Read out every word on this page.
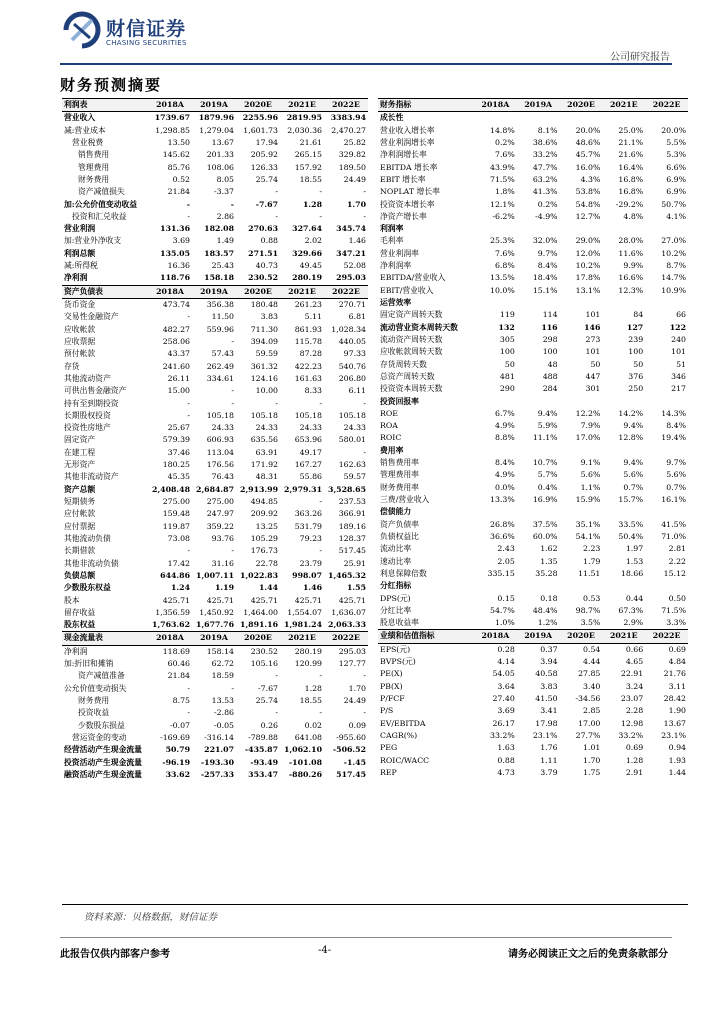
财信证券
CHASING SECURITIES
公司研究报告
财务预测摘要
利润表	2018A	2019A	2020E	2021E	2022E
营业收入	1739.67	1879.96	2255.96	2819.95	3383.94
减:营业成本	1,298.85	1,279.04	1,601.73	2,030.36	2,470.27
营业税费	13.50	13.67	17.94	21.61	25.82
销售费用	145.62	201.33	205.92	265.15	329.82
管理费用	85.76	108.06	126.33	157.92	189.50
财务费用	0.52	8.05	25.74	18.55	24.49
资产减值损失	21.84	-3.37	-	-	-
加:公允价值变动收益	-	-	-7.67	1.28	1.70
投资和汇兑收益	-	2.86	-	-	-
营业利润	131.36	182.08	270.63	327.64	345.74
加:营业外净收支	3.69	1.49	0.88	2.02	1.46
利润总额	135.05	183.57	271.51	329.66	347.21
减:所得税	16.36	25.43	40.73	49.45	52.08
净利润	118.76	158.18	230.52	280.19	295.03
资产负债表	2018A	2019A	2020E	2021E	2022E
货币资金	473.74	356.38	180.48	261.23	270.71
交易性金融资产	-	11.50	3.83	5.11	6.81
应收帐款	482.27	559.96	711.30	861.93	1,028.34
应收票据	258.06	-	394.09	115.78	440.05
预付帐款	43.37	57.43	59.59	87.28	97.33
存货	241.60	262.49	361.32	422.23	540.76
其他流动资产	26.11	334.61	124.16	161.63	206.80
可供出售金融资产	15.00	-	10.00	8.33	6.11
持有至到期投资	-	-	-	-	-
长期股权投资	-	105.18	105.18	105.18	105.18
投资性房地产	25.67	24.33	24.33	24.33	24.33
固定资产	579.39	606.93	635.56	653.96	580.01
在建工程	37.46	113.04	63.91	49.17	-
无形资产	180.25	176.56	171.92	167.27	162.63
其他非流动资产	45.35	76.43	48.31	55.86	59.57
资产总额	2,408.48	2,684.87	2,913.99	2,979.31	3,528.65
短期债务	275.00	275.00	494.85	-	237.53
应付帐款	159.48	247.97	209.92	363.26	366.91
应付票据	119.87	359.22	13.25	531.79	189.16
其他流动负债	73.08	93.76	105.29	79.23	128.37
长期借款	-	-	176.73	-	517.45
其他非流动负债	17.42	31.16	22.78	23.79	25.91
负债总额	644.86	1,007.11	1,022.83	998.07	1,465.32
少数股东权益	1.24	1.19	1.44	1.46	1.55
股本	425.71	425.71	425.71	425.71	425.71
留存收益	1,356.59	1,450.92	1,464.00	1,554.07	1,636.07
股东权益	1,763.62	1,677.76	1,891.16	1,981.24	2,063.33
现金流量表	2018A	2019A	2020E	2021E	2022E
净利润	118.69	158.14	230.52	280.19	295.03
加:折旧和摊销	60.46	62.72	105.16	120.99	127.77
资产减值准备	21.84	18.59	-	-	-
公允价值变动损失	-	-	-7.67	1.28	1.70
财务费用	8.75	13.53	25.74	18.55	24.49
投资收益	-	-2.86	-	-	-
少数股东损益	-0.07	-0.05	0.26	0.02	0.09
营运资金的变动	-169.69	-316.14	-789.88	641.08	-955.60
经营活动产生现金流量	50.79	221.07	-435.87	1,062.10	-506.52
投资活动产生现金流量	-96.19	-193.30	-93.49	-101.08	-1.45
融资活动产生现金流量	33.62	-257.33	353.47	-880.26	517.45
财务指标	2018A	2019A	2020E	2021E	2022E
成长性					
营业收入增长率	14.8%	8.1%	20.0%	25.0%	20.0%
营业利润增长率	0.2%	38.6%	48.6%	21.1%	5.5%
净利润增长率	7.6%	33.2%	45.7%	21.6%	5.3%
EBITDA 增长率	43.9%	47.7%	16.0%	16.4%	6.6%
EBIT 增长率	71.5%	63.2%	4.3%	16.8%	6.9%
NOPLAT 增长率	1.8%	41.3%	53.8%	16.8%	6.9%
投资资本增长率	12.1%	0.2%	54.8%	-29.2%	50.7%
净资产增长率	-6.2%	-4.9%	12.7%	4.8%	4.1%
利润率					
毛利率	25.3%	32.0%	29.0%	28.0%	27.0%
营业利润率	7.6%	9.7%	12.0%	11.6%	10.2%
净利润率	6.8%	8.4%	10.2%	9.9%	8.7%
EBITDA/营业收入	13.5%	18.4%	17.8%	16.6%	14.7%
EBIT/营业收入	10.0%	15.1%	13.1%	12.3%	10.9%
运营效率					
固定资产周转天数	119	114	101	84	66
流动营业资本周转天数	132	116	146	127	122
流动资产周转天数	305	298	273	239	240
应收帐款周转天数	100	100	101	100	101
存货周转天数	50	48	50	50	51
总资产周转天数	481	488	447	376	346
投资资本周转天数	290	284	301	250	217
投资回报率					
ROE	6.7%	9.4%	12.2%	14.2%	14.3%
ROA	4.9%	5.9%	7.9%	9.4%	8.4%
ROIC	8.8%	11.1%	17.0%	12.8%	19.4%
费用率					
销售费用率	8.4%	10.7%	9.1%	9.4%	9.7%
管理费用率	4.9%	5.7%	5.6%	5.6%	5.6%
财务费用率	0.0%	0.4%	1.1%	0.7%	0.7%
三费/营业收入	13.3%	16.9%	15.9%	15.7%	16.1%
偿债能力					
资产负债率	26.8%	37.5%	35.1%	33.5%	41.5%
负债权益比	36.6%	60.0%	54.1%	50.4%	71.0%
流动比率	2.43	1.62	2.23	1.97	2.81
速动比率	2.05	1.35	1.79	1.53	2.22
利息保障倍数	335.15	35.28	11.51	18.66	15.12
分红指标					
DPS(元)	0.15	0.18	0.53	0.44	0.50
分红比率	54.7%	48.4%	98.7%	67.3%	71.5%
股息收益率	1.0%	1.2%	3.5%	2.9%	3.3%
业绩和估值指标	2018A	2019A	2020E	2021E	2022E
EPS(元)	0.28	0.37	0.54	0.66	0.69
BVPS(元)	4.14	3.94	4.44	4.65	4.84
PE(X)	54.05	40.58	27.85	22.91	21.76
PB(X)	3.64	3.83	3.40	3.24	3.11
P/FCF	27.40	41.50	-34.56	23.07	28.42
P/S	3.69	3.41	2.85	2.28	1.90
EV/EBITDA	26.17	17.98	17.00	12.98	13.67
CAGR(%)	33.2%	23.1%	27.7%	33.2%	23.1%
PEG	1.63	1.76	1.01	0.69	0.94
ROIC/WACC	0.88	1.11	1.70	1.28	1.93
REP	4.73	3.79	1.75	2.91	1.44
资料来源：贝格数据，财信证券
此报告仅供内部客户参考	-4-	请务必阅读正文之后的免责条款部分
